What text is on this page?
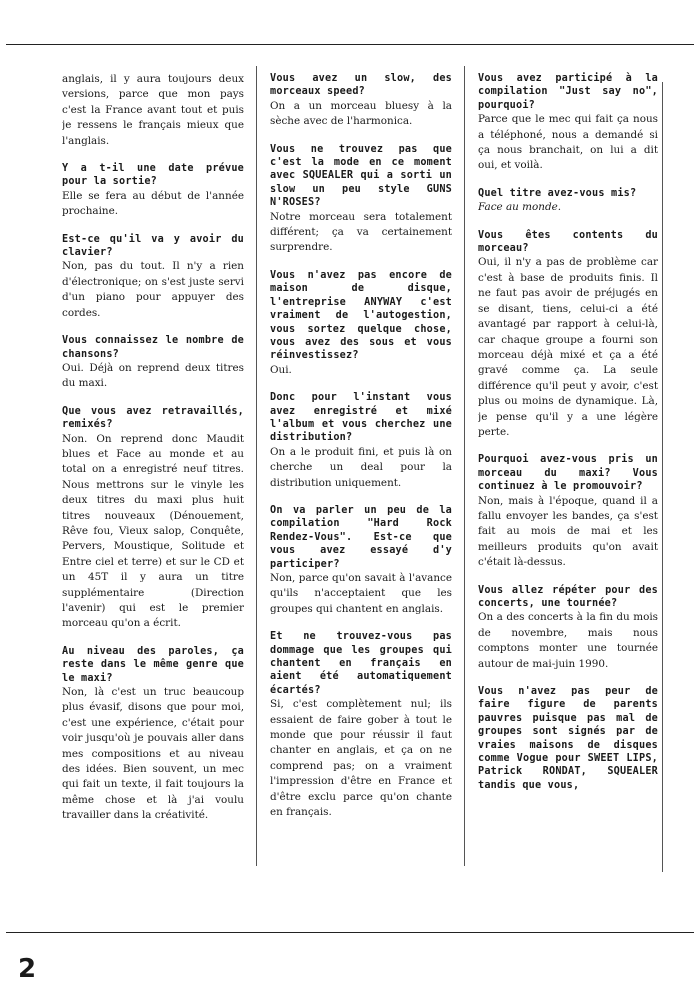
anglais, il y aura toujours deux versions, parce que mon pays c'est la France avant tout et puis je ressens le français mieux que l'anglais.

Y a t-il une date prévue pour la sortie?

Elle se fera au début de l'année prochaine.

Est-ce qu'il va y avoir du clavier?

Non, pas du tout. Il n'y a rien d'électronique; on s'est juste servi d'un piano pour appuyer des cordes.

Vous connaissez le nombre de chansons?

Oui. Déjà on reprend deux titres du maxi.

Que vous avez retravaillés, remixés?

Non. On reprend donc Maudit blues et Face au monde et au total on a enregistré neuf titres. Nous mettrons sur le vinyle les deux titres du maxi plus huit titres nouveaux (Dénouement, Rêve fou, Vieux salop, Conquête, Pervers, Moustique, Solitude et Entre ciel et terre) et sur le CD et un 45T il y aura un titre supplémentaire (Direction l'avenir) qui est le premier morceau qu'on a écrit.

Au niveau des paroles, ça reste dans le même genre que le maxi?

Non, là c'est un truc beaucoup plus évasif, disons que pour moi, c'est une expérience, c'était pour voir jusqu'où je pouvais aller dans mes compositions et au niveau des idées. Bien souvent, un mec qui fait un texte, il fait toujours la même chose et là j'ai voulu travailler dans la créativité.

Vous avez un slow, des morceaux speed?

On a un morceau bluesy à la sèche avec de l'harmonica.

Vous ne trouvez pas que c'est la mode en ce moment avec SQUEALER qui a sorti un slow un peu style GUNS N'ROSES?

Notre morceau sera totalement différent; ça va certainement surprendre.

Vous n'avez pas encore de maison de disque, l'entreprise ANYWAY c'est vraiment de l'autogestion, vous sortez quelque chose, vous avez des sous et vous réinvestissez?

Oui.

Donc pour l'instant vous avez enregistré et mixé l'album et vous cherchez une distribution?

On a le produit fini, et puis là on cherche un deal pour la distribution uniquement.

On va parler un peu de la compilation "Hard Rock Rendez-Vous". Est-ce que vous avez essayé d'y participer?

Non, parce qu'on savait à l'avance qu'ils n'acceptaient que les groupes qui chantent en anglais.

Et ne trouvez-vous pas dommage que les groupes qui chantent en français en aient été automatiquement écartés?

Si, c'est complètement nul; ils essaient de faire gober à tout le monde que pour réussir il faut chanter en anglais, et ça on ne comprend pas; on a vraiment l'impression d'être en France et d'être exclu parce qu'on chante en français.

Vous avez participé à la compilation "Just say no", pourquoi?

Parce que le mec qui fait ça nous a téléphoné, nous a demandé si ça nous branchait, on lui a dit oui, et voilà.

Quel titre avez-vous mis?

Face au monde.

Vous êtes contents du morceau?

Oui, il n'y a pas de problème car c'est à base de produits finis. Il ne faut pas avoir de préjugés en se disant, tiens, celui-ci a été avantagé par rapport à celui-là, car chaque groupe a fourni son morceau déjà mixé et ça a été gravé comme ça. La seule différence qu'il peut y avoir, c'est plus ou moins de dynamique. Là, je pense qu'il y a une légère perte.

Pourquoi avez-vous pris un morceau du maxi? Vous continuez à le promouvoir?

Non, mais à l'époque, quand il a fallu envoyer les bandes, ça s'est fait au mois de mai et les meilleurs produits qu'on avait c'était là-dessus.

Vous allez répéter pour des concerts, une tournée?

On a des concerts à la fin du mois de novembre, mais nous comptons monter une tournée autour de mai-juin 1990.

Vous n'avez pas peur de faire figure de parents pauvres puisque pas mal de groupes sont signés par de vraies maisons de disques comme Vogue pour SWEET LIPS, Patrick RONDAT, SQUEALER tandis que vous,

2
